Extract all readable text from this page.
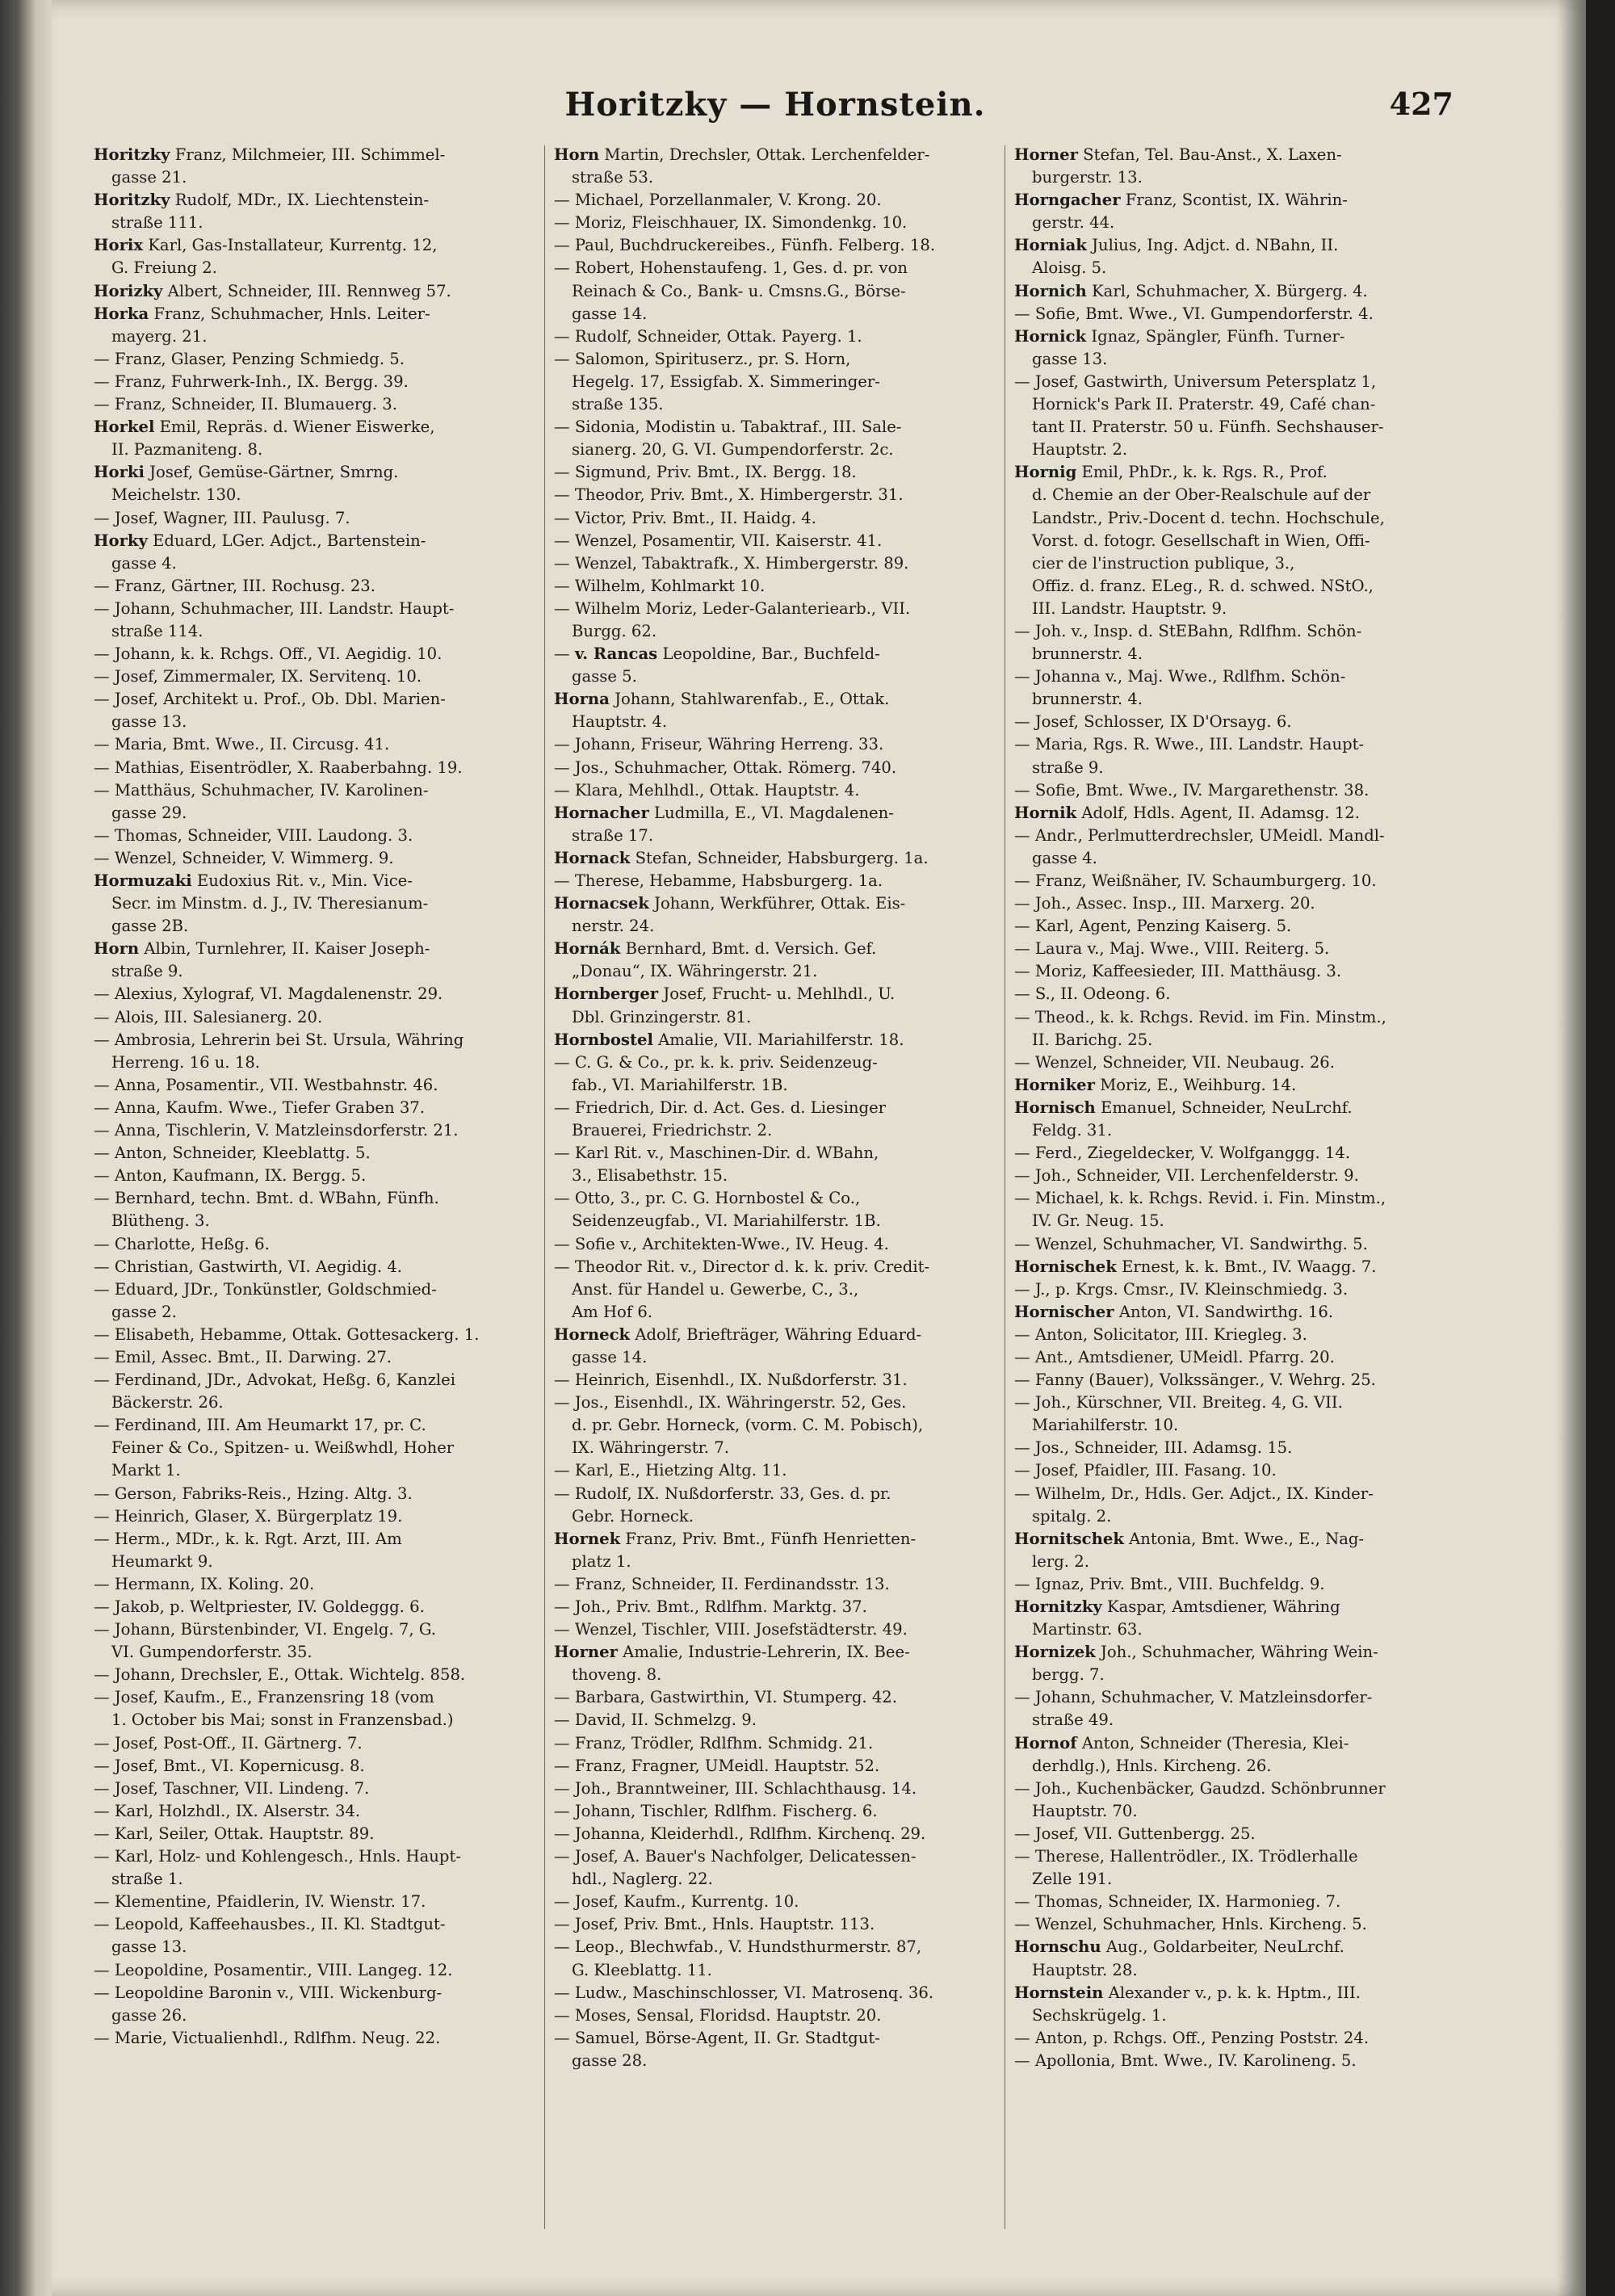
Horitzky — Hornstein.	427
Horitzky Franz, Milchmeier, III. Schimmel-
gasse 21.
Horitzky Rudolf, MDr., IX. Liechtenstein-
straße 111.
Horix Karl, Gas-Installateur, Kurrentg. 12,
G. Freiung 2.
Horizky Albert, Schneider, III. Rennweg 57.
Horka Franz, Schuhmacher, Hnls. Leiter-
mayerg. 21.
— Franz, Glaser, Penzing Schmiedg. 5.
— Franz, Fuhrwerk-Inh., IX. Bergg. 39.
— Franz, Schneider, II. Blumauerg. 3.
Horkel Emil, Repräs. d. Wiener Eiswerke,
II. Pazmaniteng. 8.
Horki Josef, Gemüse-Gärtner, Smrng.
Meichelstr. 130.
— Josef, Wagner, III. Paulusg. 7.
Horky Eduard, LGer. Adjct., Bartenstein-
gasse 4.
— Franz, Gärtner, III. Rochusg. 23.
— Johann, Schuhmacher, III. Landstr. Haupt-
straße 114.
— Johann, k. k. Rchgs. Off., VI. Aegidig. 10.
— Josef, Zimmermaler, IX. Servitenq. 10.
— Josef, Architekt u. Prof., Ob. Dbl. Marien-
gasse 13.
— Maria, Bmt. Wwe., II. Circusg. 41.
— Mathias, Eisentrödler, X. Raaberbahng. 19.
— Matthäus, Schuhmacher, IV. Karolinen-
gasse 29.
— Thomas, Schneider, VIII. Laudong. 3.
— Wenzel, Schneider, V. Wimmerg. 9.
Hormuzaki Eudoxius Rit. v., Min. Vice-
Secr. im Minstm. d. J., IV. Theresianum-
gasse 2B.
Horn Albin, Turnlehrer, II. Kaiser Joseph-
straße 9.
— Alexius, Xylograf, VI. Magdalenenstr. 29.
— Alois, III. Salesianerg. 20.
— Ambrosia, Lehrerin bei St. Ursula, Währing
Herreng. 16 u. 18.
— Anna, Posamentir., VII. Westbahnstr. 46.
— Anna, Kaufm. Wwe., Tiefer Graben 37.
— Anna, Tischlerin, V. Matzleinsdorferstr. 21.
— Anton, Schneider, Kleeblattg. 5.
— Anton, Kaufmann, IX. Bergg. 5.
— Bernhard, techn. Bmt. d. WBahn, Fünfh.
Blütheng. 3.
— Charlotte, Heßg. 6.
— Christian, Gastwirth, VI. Aegidig. 4.
— Eduard, JDr., Tonkünstler, Goldschmied-
gasse 2.
— Elisabeth, Hebamme, Ottak. Gottesackerg. 1.
— Emil, Assec. Bmt., II. Darwing. 27.
— Ferdinand, JDr., Advokat, Heßg. 6, Kanzlei
Bäckerstr. 26.
— Ferdinand, III. Am Heumarkt 17, pr. C.
Feiner & Co., Spitzen- u. Weißwhdl, Hoher
Markt 1.
— Gerson, Fabriks-Reis., Hzing. Altg. 3.
— Heinrich, Glaser, X. Bürgerplatz 19.
— Herm., MDr., k. k. Rgt. Arzt, III. Am
Heumarkt 9.
— Hermann, IX. Koling. 20.
— Jakob, p. Weltpriester, IV. Goldeggg. 6.
— Johann, Bürstenbinder, VI. Engelg. 7, G.
VI. Gumpendorferstr. 35.
— Johann, Drechsler, E., Ottak. Wichtelg. 858.
— Josef, Kaufm., E., Franzensring 18 (vom
1. October bis Mai; sonst in Franzensbad.)
— Josef, Post-Off., II. Gärtnerg. 7.
— Josef, Bmt., VI. Kopernicusg. 8.
— Josef, Taschner, VII. Lindeng. 7.
— Karl, Holzhdl., IX. Alserstr. 34.
— Karl, Seiler, Ottak. Hauptstr. 89.
— Karl, Holz- und Kohlengesch., Hnls. Haupt-
straße 1.
— Klementine, Pfaidlerin, IV. Wienstr. 17.
— Leopold, Kaffeehausbes., II. Kl. Stadtgut-
gasse 13.
— Leopoldine, Posamentir., VIII. Langeg. 12.
— Leopoldine Baronin v., VIII. Wickenburg-
gasse 26.
— Marie, Victualienhdl., Rdlfhm. Neug. 22.
Horn Martin, Drechsler, Ottak. Lerchenfelder-
straße 53.
— Michael, Porzellanmaler, V. Krong. 20.
— Moriz, Fleischhauer, IX. Simondenkg. 10.
— Paul, Buchdruckereibes., Fünfh. Felberg. 18.
— Robert, Hohenstaufeng. 1, Ges. d. pr. von
Reinach & Co., Bank- u. Cmsns.G., Börse-
gasse 14.
— Rudolf, Schneider, Ottak. Payerg. 1.
— Salomon, Spirituserz., pr. S. Horn,
Hegelg. 17, Essigfab. X. Simmeringer-
straße 135.
— Sidonia, Modistin u. Tabaktraf., III. Sale-
sianerg. 20, G. VI. Gumpendorferstr. 2c.
— Sigmund, Priv. Bmt., IX. Bergg. 18.
— Theodor, Priv. Bmt., X. Himbergerstr. 31.
— Victor, Priv. Bmt., II. Haidg. 4.
— Wenzel, Posamentir, VII. Kaiserstr. 41.
— Wenzel, Tabaktrafk., X. Himbergerstr. 89.
— Wilhelm, Kohlmarkt 10.
— Wilhelm Moriz, Leder-Galanteriearb., VII.
Burgg. 62.
— v. Rancas Leopoldine, Bar., Buchfeld-
gasse 5.
Horna Johann, Stahlwarenfab., E., Ottak.
Hauptstr. 4.
— Johann, Friseur, Währing Herreng. 33.
— Jos., Schuhmacher, Ottak. Römerg. 740.
— Klara, Mehlhdl., Ottak. Hauptstr. 4.
Hornacher Ludmilla, E., VI. Magdalenen-
straße 17.
Hornack Stefan, Schneider, Habsburgerg. 1a.
— Therese, Hebamme, Habsburgerg. 1a.
Hornacsek Johann, Werkführer, Ottak. Eis-
nerstr. 24.
Hornák Bernhard, Bmt. d. Versich. Gef.
„Donau“, IX. Währingerstr. 21.
Hornberger Josef, Frucht- u. Mehlhdl., U.
Dbl. Grinzingerstr. 81.
Hornbostel Amalie, VII. Mariahilferstr. 18.
— C. G. & Co., pr. k. k. priv. Seidenzeug-
fab., VI. Mariahilferstr. 1B.
— Friedrich, Dir. d. Act. Ges. d. Liesinger
Brauerei, Friedrichstr. 2.
— Karl Rit. v., Maschinen-Dir. d. WBahn,
3., Elisabethstr. 15.
— Otto, 3., pr. C. G. Hornbostel & Co.,
Seidenzeugfab., VI. Mariahilferstr. 1B.
— Sofie v., Architekten-Wwe., IV. Heug. 4.
— Theodor Rit. v., Director d. k. k. priv. Credit-
Anst. für Handel u. Gewerbe, C., 3.,
Am Hof 6.
Horneck Adolf, Briefträger, Währing Eduard-
gasse 14.
— Heinrich, Eisenhdl., IX. Nußdorferstr. 31.
— Jos., Eisenhdl., IX. Währingerstr. 52, Ges.
d. pr. Gebr. Horneck, (vorm. C. M. Pobisch),
IX. Währingerstr. 7.
— Karl, E., Hietzing Altg. 11.
— Rudolf, IX. Nußdorferstr. 33, Ges. d. pr.
Gebr. Horneck.
Hornek Franz, Priv. Bmt., Fünfh Henrietten-
platz 1.
— Franz, Schneider, II. Ferdinandsstr. 13.
— Joh., Priv. Bmt., Rdlfhm. Marktg. 37.
— Wenzel, Tischler, VIII. Josefstädterstr. 49.
Horner Amalie, Industrie-Lehrerin, IX. Bee-
thoveng. 8.
— Barbara, Gastwirthin, VI. Stumperg. 42.
— David, II. Schmelzg. 9.
— Franz, Trödler, Rdlfhm. Schmidg. 21.
— Franz, Fragner, UMeidl. Hauptstr. 52.
— Joh., Branntweiner, III. Schlachthausg. 14.
— Johann, Tischler, Rdlfhm. Fischerg. 6.
— Johanna, Kleiderhdl., Rdlfhm. Kirchenq. 29.
— Josef, A. Bauer's Nachfolger, Delicatessen-
hdl., Naglerg. 22.
— Josef, Kaufm., Kurrentg. 10.
— Josef, Priv. Bmt., Hnls. Hauptstr. 113.
— Leop., Blechwfab., V. Hundsthurmerstr. 87,
G. Kleeblattg. 11.
— Ludw., Maschinschlosser, VI. Matrosenq. 36.
— Moses, Sensal, Floridsd. Hauptstr. 20.
— Samuel, Börse-Agent, II. Gr. Stadtgut-
gasse 28.
Horner Stefan, Tel. Bau-Anst., X. Laxen-
burgerstr. 13.
Horngacher Franz, Scontist, IX. Währin-
gerstr. 44.
Horniak Julius, Ing. Adjct. d. NBahn, II.
Aloisg. 5.
Hornich Karl, Schuhmacher, X. Bürgerg. 4.
— Sofie, Bmt. Wwe., VI. Gumpendorferstr. 4.
Hornick Ignaz, Spängler, Fünfh. Turner-
gasse 13.
— Josef, Gastwirth, Universum Petersplatz 1,
Hornick's Park II. Praterstr. 49, Café chan-
tant II. Praterstr. 50 u. Fünfh. Sechshauser-
Hauptstr. 2.
Hornig Emil, PhDr., k. k. Rgs. R., Prof.
d. Chemie an der Ober-Realschule auf der
Landstr., Priv.-Docent d. techn. Hochschule,
Vorst. d. fotogr. Gesellschaft in Wien, Offi-
cier de l'instruction publique, 3.,
Offiz. d. franz. ELeg., R. d. schwed. NStO.,
III. Landstr. Hauptstr. 9.
— Joh. v., Insp. d. StEBahn, Rdlfhm. Schön-
brunnerstr. 4.
— Johanna v., Maj. Wwe., Rdlfhm. Schön-
brunnerstr. 4.
— Josef, Schlosser, IX D'Orsayg. 6.
— Maria, Rgs. R. Wwe., III. Landstr. Haupt-
straße 9.
— Sofie, Bmt. Wwe., IV. Margarethenstr. 38.
Hornik Adolf, Hdls. Agent, II. Adamsg. 12.
— Andr., Perlmutterdrechsler, UMeidl. Mandl-
gasse 4.
— Franz, Weißnäher, IV. Schaumburgerg. 10.
— Joh., Assec. Insp., III. Marxerg. 20.
— Karl, Agent, Penzing Kaiserg. 5.
— Laura v., Maj. Wwe., VIII. Reiterg. 5.
— Moriz, Kaffeesieder, III. Matthäusg. 3.
— S., II. Odeong. 6.
— Theod., k. k. Rchgs. Revid. im Fin. Minstm.,
II. Barichg. 25.
— Wenzel, Schneider, VII. Neubaug. 26.
Horniker Moriz, E., Weihburg. 14.
Hornisch Emanuel, Schneider, NeuLrchf.
Feldg. 31.
— Ferd., Ziegeldecker, V. Wolfganggg. 14.
— Joh., Schneider, VII. Lerchenfelderstr. 9.
— Michael, k. k. Rchgs. Revid. i. Fin. Minstm.,
IV. Gr. Neug. 15.
— Wenzel, Schuhmacher, VI. Sandwirthg. 5.
Hornischek Ernest, k. k. Bmt., IV. Waagg. 7.
— J., p. Krgs. Cmsr., IV. Kleinschmiedg. 3.
Hornischer Anton, VI. Sandwirthg. 16.
— Anton, Solicitator, III. Kriegleg. 3.
— Ant., Amtsdiener, UMeidl. Pfarrg. 20.
— Fanny (Bauer), Volkssänger., V. Wehrg. 25.
— Joh., Kürschner, VII. Breiteg. 4, G. VII.
Mariahilferstr. 10.
— Jos., Schneider, III. Adamsg. 15.
— Josef, Pfaidler, III. Fasang. 10.
— Wilhelm, Dr., Hdls. Ger. Adjct., IX. Kinder-
spitalg. 2.
Hornitschek Antonia, Bmt. Wwe., E., Nag-
lerg. 2.
— Ignaz, Priv. Bmt., VIII. Buchfeldg. 9.
Hornitzky Kaspar, Amtsdiener, Währing
Martinstr. 63.
Hornizek Joh., Schuhmacher, Währing Wein-
bergg. 7.
— Johann, Schuhmacher, V. Matzleinsdorfer-
straße 49.
Hornof Anton, Schneider (Theresia, Klei-
derhdlg.), Hnls. Kircheng. 26.
— Joh., Kuchenbäcker, Gaudzd. Schönbrunner
Hauptstr. 70.
— Josef, VII. Guttenbergg. 25.
— Therese, Hallentrödler., IX. Trödlerhalle
Zelle 191.
— Thomas, Schneider, IX. Harmonieg. 7.
— Wenzel, Schuhmacher, Hnls. Kircheng. 5.
Hornschu Aug., Goldarbeiter, NeuLrchf.
Hauptstr. 28.
Hornstein Alexander v., p. k. k. Hptm., III.
Sechskrügelg. 1.
— Anton, p. Rchgs. Off., Penzing Poststr. 24.
— Apollonia, Bmt. Wwe., IV. Karolineng. 5.
